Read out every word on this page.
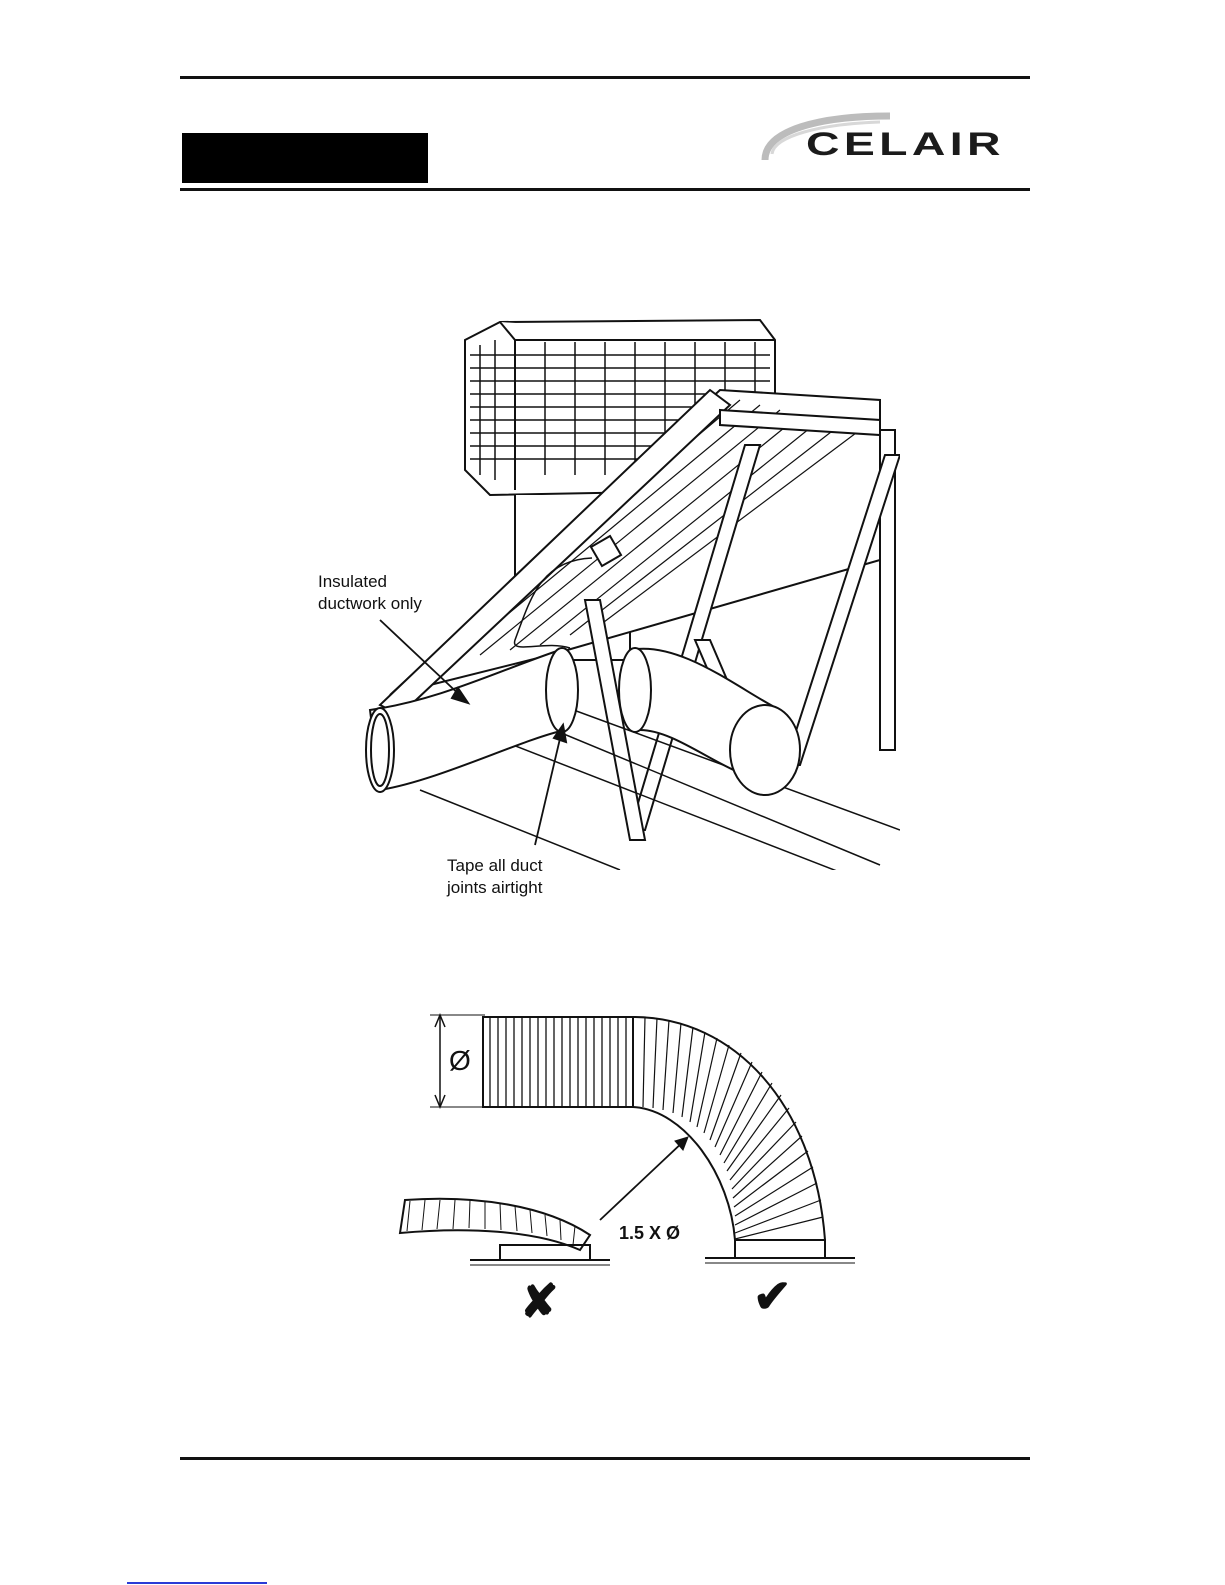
CELAIR
Insulated
ductwork only
Tape all duct
joints airtight
Ø
1.5 X Ø
✘	✔
